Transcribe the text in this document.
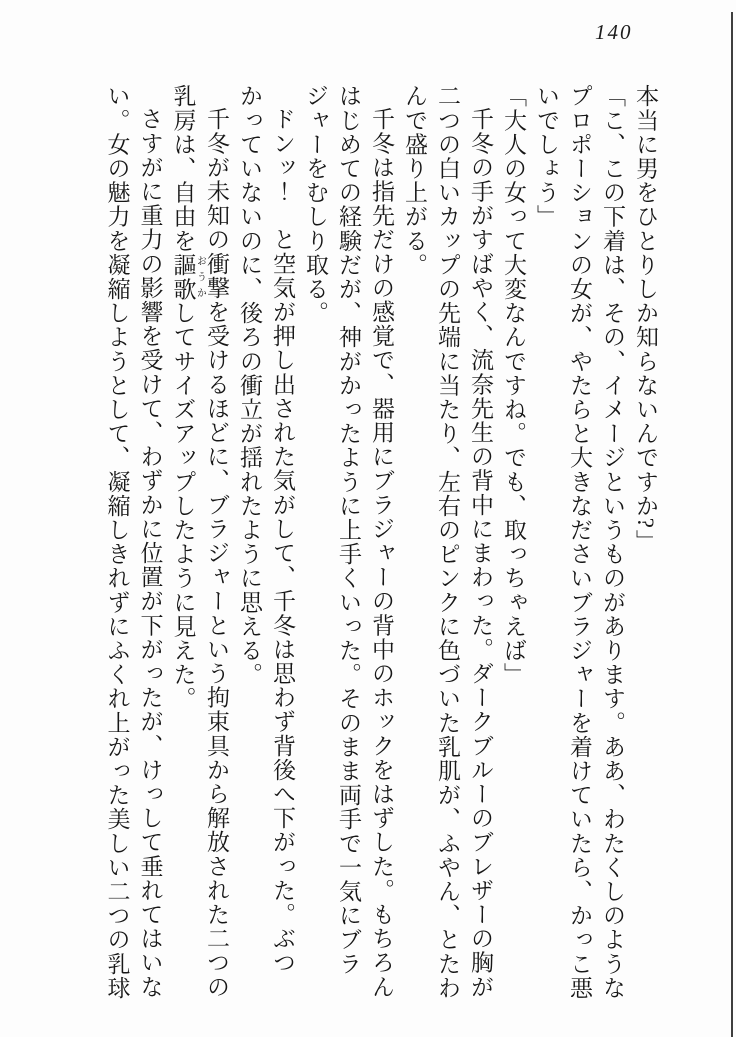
140

本当に男をひとりしか知らないんですか?」

「こ、この下着は、その、イメージというものがあります。ああ、わたくしのようなプロポーションの女が、やたらと大きなださいブラジャーを着けていたら、かっこ悪いでしょう」

「大人の女って大変なんですね。でも、取っちゃえば」

千冬の手がすばやく、流奈先生の背中にまわった。ダークブルーのブレザーの胸が二つの白いカップの先端に当たり、左右のピンクに色づいた乳肌が、ふやん、とたわんで盛り上がる。

千冬は指先だけの感覚で、器用にブラジャーの背中のホックをはずした。もちろんはじめての経験だが、神がかったように上手くいった。そのまま両手で一気にブラジャーをむしり取る。

ドンッ！　と空気が押し出された気がして、千冬は思わず背後へ下がった。ぶつかっていないのに、後ろの衝立が揺れたように思える。

千冬が未知の衝撃を受けるほどに、ブラジャーという拘束具から解放された二つの乳房は、自由を謳歌 おうかしてサイズアップしたように見えた。

さすがに重力の影響を受けて、わずかに位置が下がったが、けっして垂れてはいない。女の魅力を凝縮しようとして、凝縮しきれずにふくれ上がった美しい二つの乳球
